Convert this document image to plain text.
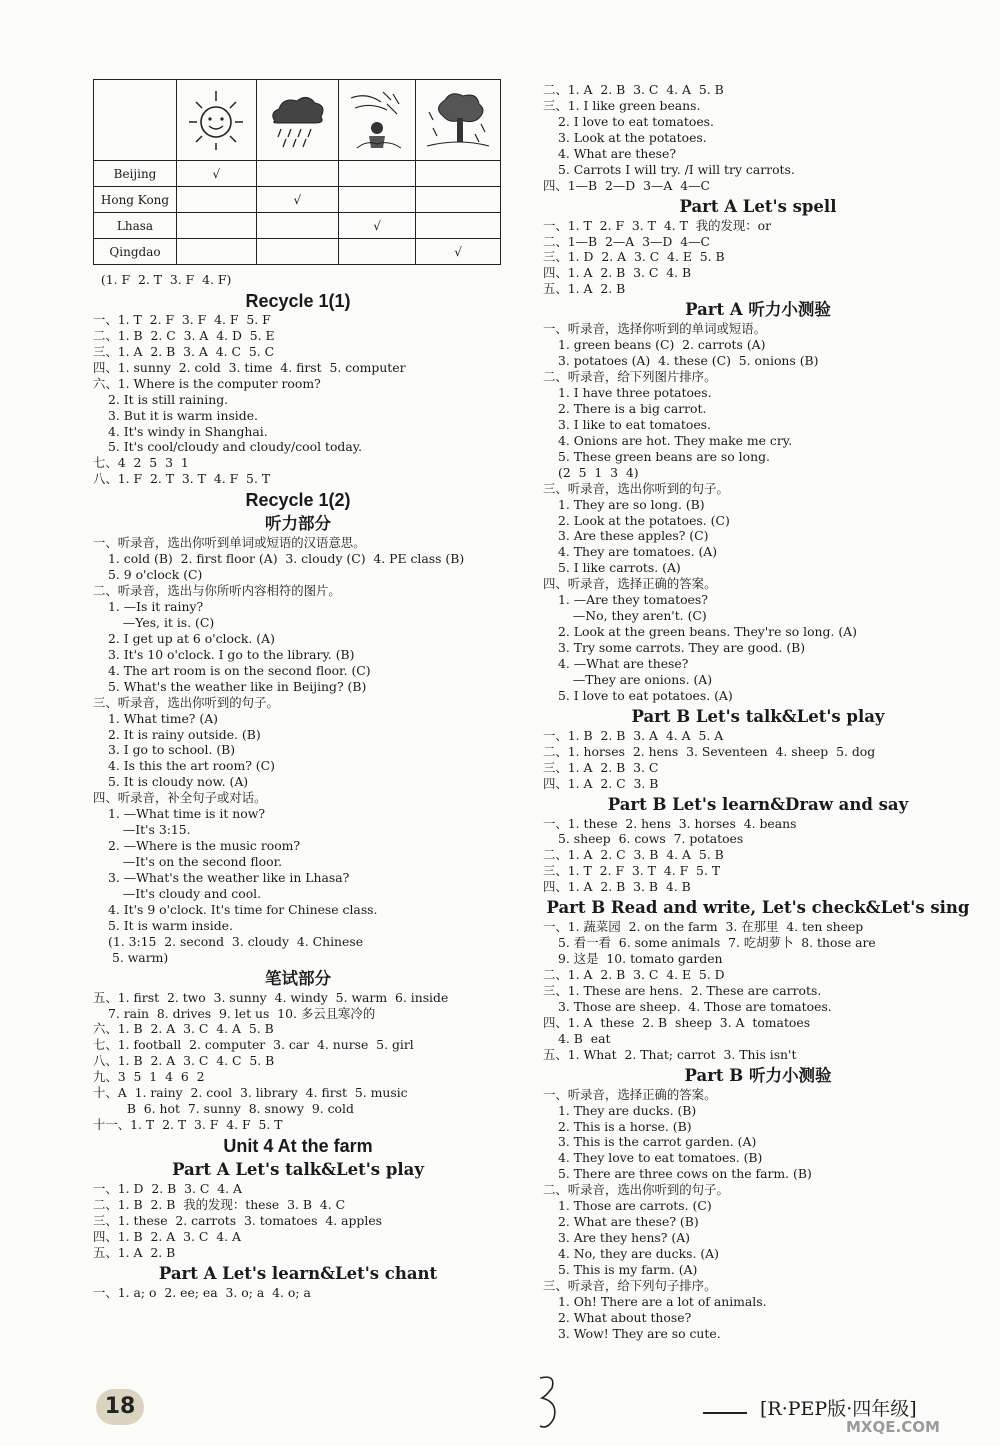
Beijing	√			
Hong Kong		√		
Lhasa			√	
Qingdao				√
(1. F  2. T  3. F  4. F)
Recycle 1(1)
一、1. T  2. F  3. F  4. F  5. F
二、1. B  2. C  3. A  4. D  5. E
三、1. A  2. B  3. A  4. C  5. C
四、1. sunny  2. cold  3. time  4. first  5. computer
六、1. Where is the computer room?
2. It is still raining.
3. But it is warm inside.
4. It's windy in Shanghai.
5. It's cool/cloudy and cloudy/cool today.
七、4  2  5  3  1
八、1. F  2. T  3. T  4. F  5. T
Recycle 1(2)
听力部分
一、听录音，选出你听到单词或短语的汉语意思。
1. cold (B)  2. first floor (A)  3. cloudy (C)  4. PE class (B)
5. 9 o'clock (C)
二、听录音，选出与你所听内容相符的图片。
1. —Is it rainy?
—Yes, it is. (C)
2. I get up at 6 o'clock. (A)
3. It's 10 o'clock. I go to the library. (B)
4. The art room is on the second floor. (C)
5. What's the weather like in Beijing? (B)
三、听录音，选出你听到的句子。
1. What time? (A)
2. It is rainy outside. (B)
3. I go to school. (B)
4. Is this the art room? (C)
5. It is cloudy now. (A)
四、听录音，补全句子或对话。
1. —What time is it now?
—It's 3:15.
2. —Where is the music room?
—It's on the second floor.
3. —What's the weather like in Lhasa?
—It's cloudy and cool.
4. It's 9 o'clock. It's time for Chinese class.
5. It is warm inside.
(1. 3:15  2. second  3. cloudy  4. Chinese
5. warm)
笔试部分
五、1. first  2. two  3. sunny  4. windy  5. warm  6. inside
7. rain  8. drives  9. let us  10. 多云且寒冷的
六、1. B  2. A  3. C  4. A  5. B
七、1. football  2. computer  3. car  4. nurse  5. girl
八、1. B  2. A  3. C  4. C  5. B
九、3  5  1  4  6  2
十、A  1. rainy  2. cool  3. library  4. first  5. music
B  6. hot  7. sunny  8. snowy  9. cold
十一、1. T  2. T  3. F  4. F  5. T
Unit 4 At the farm
Part A Let's talk&Let's play
一、1. D  2. B  3. C  4. A
二、1. B  2. B  我的发现：these  3. B  4. C
三、1. these  2. carrots  3. tomatoes  4. apples
四、1. B  2. A  3. C  4. A
五、1. A  2. B
Part A Let's learn&Let's chant
一、1. a; o  2. ee; ea  3. o; a  4. o; a
二、1. A  2. B  3. C  4. A  5. B
三、1. I like green beans.
2. I love to eat tomatoes.
3. Look at the potatoes.
4. What are these?
5. Carrots I will try. /I will try carrots.
四、1—B  2—D  3—A  4—C
Part A Let's spell
一、1. T  2. F  3. T  4. T  我的发现：or
二、1—B  2—A  3—D  4—C
三、1. D  2. A  3. C  4. E  5. B
四、1. A  2. B  3. C  4. B
五、1. A  2. B
Part A 听力小测验
一、听录音，选择你听到的单词或短语。
1. green beans (C)  2. carrots (A)
3. potatoes (A)  4. these (C)  5. onions (B)
二、听录音，给下列图片排序。
1. I have three potatoes.
2. There is a big carrot.
3. I like to eat tomatoes.
4. Onions are hot. They make me cry.
5. These green beans are so long.
(2  5  1  3  4)
三、听录音，选出你听到的句子。
1. They are so long. (B)
2. Look at the potatoes. (C)
3. Are these apples? (C)
4. They are tomatoes. (A)
5. I like carrots. (A)
四、听录音，选择正确的答案。
1. —Are they tomatoes?
—No, they aren't. (C)
2. Look at the green beans. They're so long. (A)
3. Try some carrots. They are good. (B)
4. —What are these?
—They are onions. (A)
5. I love to eat potatoes. (A)
Part B Let's talk&Let's play
一、1. B  2. B  3. A  4. A  5. A
二、1. horses  2. hens  3. Seventeen  4. sheep  5. dog
三、1. A  2. B  3. C
四、1. A  2. C  3. B
Part B Let's learn&Draw and say
一、1. these  2. hens  3. horses  4. beans
5. sheep  6. cows  7. potatoes
二、1. A  2. C  3. B  4. A  5. B
三、1. T  2. F  3. T  4. F  5. T
四、1. A  2. B  3. B  4. B
Part B Read and write, Let's check&Let's sing
一、1. 蔬菜园  2. on the farm  3. 在那里  4. ten sheep
5. 看一看  6. some animals  7. 吃胡萝卜  8. those are
9. 这是  10. tomato garden
二、1. A  2. B  3. C  4. E  5. D
三、1. These are hens.  2. These are carrots.
3. Those are sheep.  4. Those are tomatoes.
四、1. A  these  2. B  sheep  3. A  tomatoes
4. B  eat
五、1. What  2. That; carrot  3. This isn't
Part B 听力小测验
一、听录音，选择正确的答案。
1. They are ducks. (B)
2. This is a horse. (B)
3. This is the carrot garden. (A)
4. They love to eat tomatoes. (B)
5. There are three cows on the farm. (B)
二、听录音，选出你听到的句子。
1. Those are carrots. (C)
2. What are these? (B)
3. Are they hens? (A)
4. No, they are ducks. (A)
5. This is my farm. (A)
三、听录音，给下列句子排序。
1. Oh! There are a lot of animals.
2. What about those?
3. Wow! They are so cute.
18	[R·PEP版·四年级]
MXQE.COM
